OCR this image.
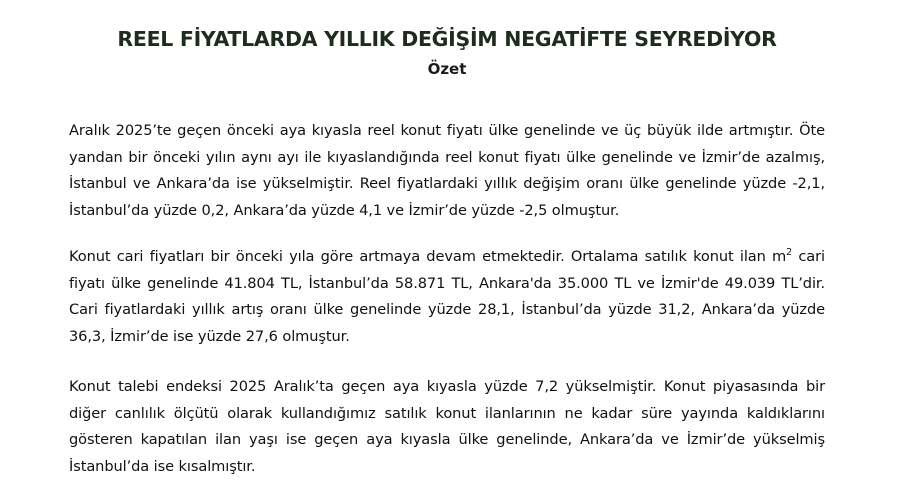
REEL FİYATLARDA YILLIK DEĞİŞİM NEGATİFTE SEYREDİYOR
Özet

Aralık 2025’te geçen önceki aya kıyasla reel konut fiyatı ülke genelinde ve üç büyük ilde artmıştır. Öte yandan bir önceki yılın aynı ayı ile kıyaslandığında reel konut fiyatı ülke genelinde ve İzmir’de azalmış, İstanbul ve Ankara’da ise yükselmiştir. Reel fiyatlardaki yıllık değişim oranı ülke genelinde yüzde -2,1, İstanbul’da yüzde 0,2, Ankara’da yüzde 4,1 ve İzmir’de yüzde -2,5 olmuştur.

Konut cari fiyatları bir önceki yıla göre artmaya devam etmektedir. Ortalama satılık konut ilan $m^2$ cari fiyatı ülke genelinde 41.804 TL, İstanbul’da 58.871 TL, Ankara'da 35.000 TL ve İzmir'de 49.039 TL’dir. Cari fiyatlardaki yıllık artış oranı ülke genelinde yüzde 28,1, İstanbul’da yüzde 31,2, Ankara’da yüzde 36,3, İzmir’de ise yüzde 27,6 olmuştur.

Konut talebi endeksi 2025 Aralık’ta geçen aya kıyasla yüzde 7,2 yükselmiştir. Konut piyasasında bir diğer canlılık ölçütü olarak kullandığımız satılık konut ilanlarının ne kadar süre yayında kaldıklarını gösteren kapatılan ilan yaşı ise geçen aya kıyasla ülke genelinde, Ankara’da ve İzmir’de yükselmiş İstanbul’da ise kısalmıştır.
